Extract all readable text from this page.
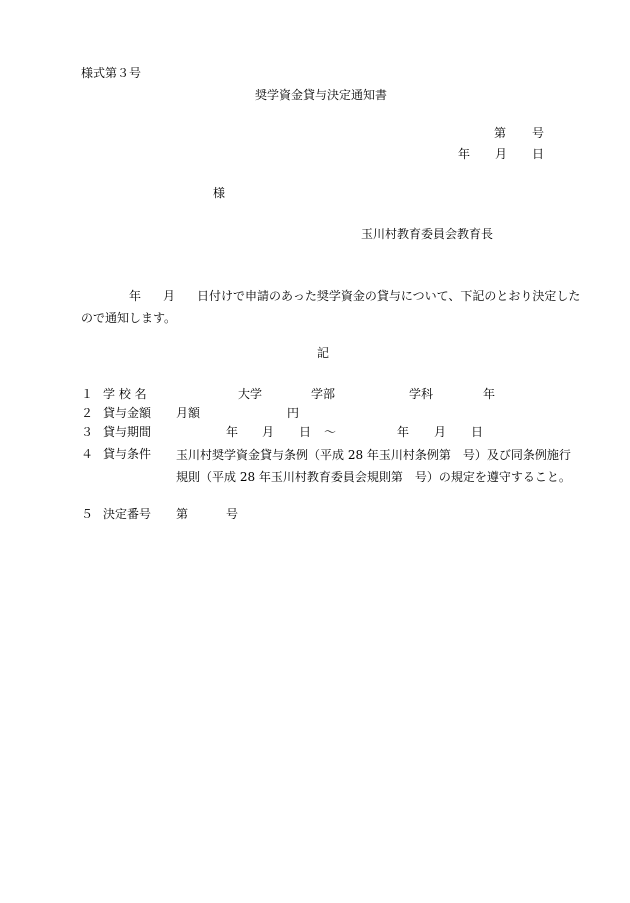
様式第３号
奨学資金貸与決定通知書
第 号
年 月 日
様
玉川村教育委員会教育長
年 月 日付けで申請のあった奨学資金の貸与について、下記のとおり決定したので通知します。
記
１ 学 校 名	大学	学部	学科	年
２ 貸与金額 月額	円
３ 貸与期間	年 月 日 ～	年 月 日
４ 貸与条件 玉川村奨学資金貸与条例（平成 28 年玉川村条例第　号）及び同条例施行規則（平成 28 年玉川村教育委員会規則第　号）の規定を遵守すること。
５ 決定番号 第	号
